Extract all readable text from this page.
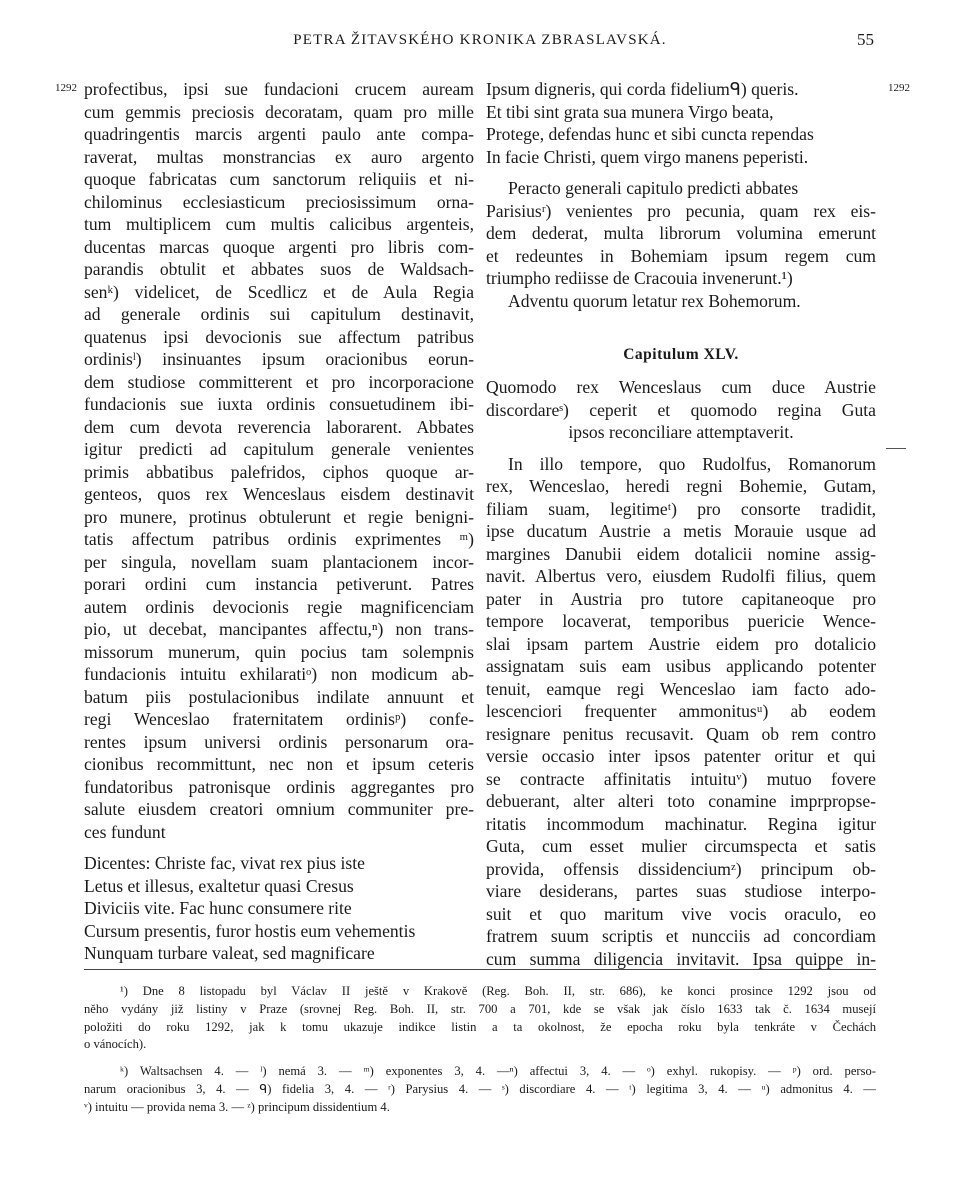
PETRA ŽITAVSKÉHO KRONIKA ZBRASLAVSKÁ.	55
1292	1292
profectibus, ipsi sue fundacioni crucem auream
cum gemmis preciosis decoratam, quam pro mille
quadringentis marcis argenti paulo ante compa-
raverat, multas monstrancias ex auro argento
quoque fabricatas cum sanctorum reliquiis et ni-
chilominus ecclesiasticum preciosissimum orna-
tum multiplicem cum multis calicibus argenteis,
ducentas marcas quoque argenti pro libris com-
parandis obtulit et abbates suos de Waldsach-
senᵏ) videlicet, de Scedlicz et de Aula Regia
ad generale ordinis sui capitulum destinavit,
quatenus ipsi devocionis sue affectum patribus
ordinisˡ) insinuantes ipsum oracionibus eorun-
dem studiose committerent et pro incorporacione
fundacionis sue iuxta ordinis consuetudinem ibi-
dem cum devota reverencia laborarent. Abbates
igitur predicti ad capitulum generale venientes
primis abbatibus palefridos, ciphos quoque ar-
genteos, quos rex Wenceslaus eisdem destinavit
pro munere, protinus obtulerunt et regie benigni-
tatis affectum patribus ordinis exprimentes ᵐ)
per singula, novellam suam plantacionem incor-
porari ordini cum instancia petiverunt. Patres
autem ordinis devocionis regie magnificenciam
pio, ut decebat, mancipantes affectu,ⁿ) non trans-
missorum munerum, quin pocius tam solempnis
fundacionis intuitu exhilaratiᵒ) non modicum ab-
batum piis postulacionibus indilate annuunt et
regi Wenceslao fraternitatem ordinisᵖ) confe-
rentes ipsum universi ordinis personarum ora-
cionibus recommittunt, nec non et ipsum ceteris
fundatoribus patronisque ordinis aggregantes pro
salute eiusdem creatori omnium communiter pre-
ces fundunt
Dicentes: Christe fac, vivat rex pius iste
Letus et illesus, exaltetur quasi Cresus
Diviciis vite. Fac hunc consumere rite
Cursum presentis, furor hostis eum vehementis
Nunquam turbare valeat, sed magnificare
Ipsum digneris, qui corda fideliumᑫ) queris.
Et tibi sint grata sua munera Virgo beata,
Protege, defendas hunc et sibi cuncta rependas
In facie Christi, quem virgo manens peperisti.
Peracto generali capitulo predicti abbates
Parisiusʳ) venientes pro pecunia, quam rex eis-
dem dederat, multa librorum volumina emerunt
et redeuntes in Bohemiam ipsum regem cum
triumpho rediisse de Cracouia invenerunt.¹)
Adventu quorum letatur rex Bohemorum.
Capitulum XLV.
Quomodo rex Wenceslaus cum duce Austrie
discordareˢ) ceperit et quomodo regina Guta
ipsos reconciliare attemptaverit.
In illo tempore, quo Rudolfus, Romanorum
rex, Wenceslao, heredi regni Bohemie, Gutam,
filiam suam, legitimeᵗ) pro consorte tradidit,
ipse ducatum Austrie a metis Morauie usque ad
margines Danubii eidem dotalicii nomine assig-
navit. Albertus vero, eiusdem Rudolfi filius, quem
pater in Austria pro tutore capitaneoque pro
tempore locaverat, temporibus puericie Wence-
slai ipsam partem Austrie eidem pro dotalicio
assignatam suis eam usibus applicando potenter
tenuit, eamque regi Wenceslao iam facto ado-
lescenciori frequenter ammonitusᵘ) ab eodem
resignare penitus recusavit. Quam ob rem contro
versie occasio inter ipsos patenter oritur et qui
se contracte affinitatis intuituᵛ) mutuo fovere
debuerant, alter alteri toto conamine imprpropse-
ritatis incommodum machinatur. Regina igitur
Guta, cum esset mulier circumspecta et satis
provida, offensis dissidenciumᶻ) principum ob-
viare desiderans, partes suas studiose interpo-
suit et quo maritum vive vocis oraculo, eo
fratrem suum scriptis et nuncciis ad concordiam
cum summa diligencia invitavit. Ipsa quippe in-
¹) Dne 8 listopadu byl Václav II ještě v Krakově (Reg. Boh. II, str. 686), ke konci prosince 1292 jsou od
něho vydány již listiny v Praze (srovnej Reg. Boh. II, str. 700 a 701, kde se však jak číslo 1633 tak č. 1634 musejí
položiti do roku 1292, jak k tomu ukazuje indikce listin a ta okolnost, že epocha roku byla tenkráte v Čechách
o vánocích).
ᵏ) Waltsachsen 4. — ˡ) nemá 3. — ᵐ) exponentes 3, 4. —ⁿ) affectui 3, 4. — ᵒ) exhyl. rukopisy. — ᵖ) ord. perso-
narum oracionibus 3, 4. — ᑫ) fidelia 3, 4. — ʳ) Parysius 4. — ˢ) discordiare 4. — ᵗ) legitima 3, 4. — ᵘ) admonitus 4. —
ᵛ) intuitu — provida nema 3. — ᶻ) principum dissidentium 4.
